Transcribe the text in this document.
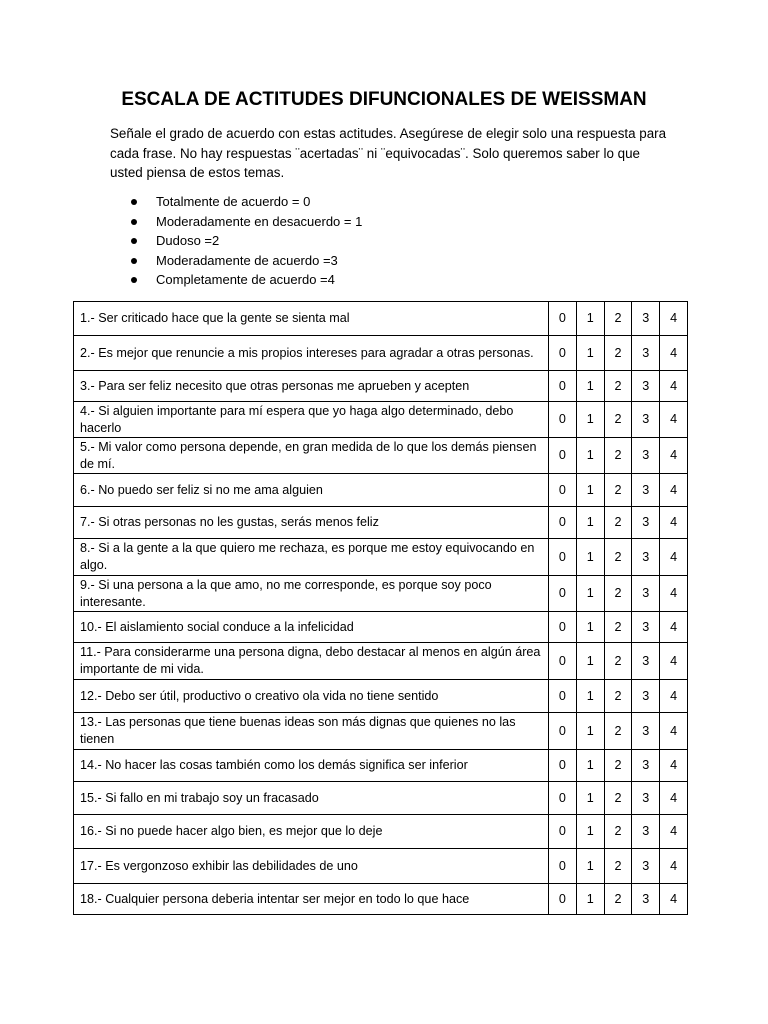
ESCALA DE ACTITUDES DIFUNCIONALES DE WEISSMAN

Señale el grado de acuerdo con estas actitudes. Asegúrese de elegir solo una respuesta para cada frase. No hay respuestas ¨acertadas¨ ni ¨equivocadas¨. Solo queremos saber lo que usted piensa de estos temas.

Totalmente de acuerdo = 0
Moderadamente en desacuerdo = 1
Dudoso =2
Moderadamente de acuerdo =3
Completamente de acuerdo =4
1.- Ser criticado hace que la gente se sienta mal	0	1	2	3	4
2.- Es mejor que renuncie a mis propios intereses para agradar a otras personas.	0	1	2	3	4
3.- Para ser feliz necesito que otras personas me aprueben y acepten	0	1	2	3	4
4.- Si alguien importante para mí espera que yo haga algo determinado, debo hacerlo	0	1	2	3	4
5.- Mi valor como persona depende, en gran medida de lo que los demás piensen de mí.	0	1	2	3	4
6.- No puedo ser feliz si no me ama alguien	0	1	2	3	4
7.- Si otras personas no les gustas, serás menos feliz	0	1	2	3	4
8.- Si a la gente a la que quiero me rechaza, es porque me estoy equivocando en algo.	0	1	2	3	4
9.- Si una persona a la que amo, no me corresponde, es porque soy poco interesante.	0	1	2	3	4
10.- El aislamiento social conduce a la infelicidad	0	1	2	3	4
11.- Para considerarme una persona digna, debo destacar al menos en algún área importante de mi vida.	0	1	2	3	4
12.- Debo ser útil, productivo o creativo ola vida no tiene sentido	0	1	2	3	4
13.- Las personas que tiene buenas ideas son más dignas que quienes no las tienen	0	1	2	3	4
14.- No hacer las cosas también como los demás significa ser inferior	0	1	2	3	4
15.- Si fallo en mi trabajo soy un fracasado	0	1	2	3	4
16.- Si no puede hacer algo bien, es mejor que lo deje	0	1	2	3	4
17.- Es vergonzoso exhibir las debilidades de uno	0	1	2	3	4
18.- Cualquier persona deberia intentar ser mejor en todo lo que hace	0	1	2	3	4
